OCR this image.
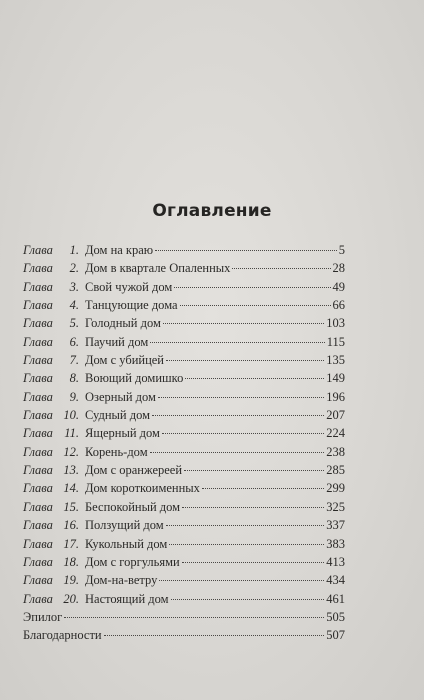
Оглавление
Глава	1. Дом на краю	5
Глава	2. Дом в квартале Опаленных	28
Глава	3. Свой чужой дом	49
Глава	4. Танцующие дома	66
Глава	5. Голодный дом	103
Глава	6. Паучий дом	115
Глава	7. Дом с убийцей	135
Глава	8. Воющий домишко	149
Глава	9. Озерный дом	196
Глава 10. Судный дом	207
Глава 11. Ящерный дом	224
Глава 12. Корень-дом	238
Глава 13. Дом с оранжереей	285
Глава 14. Дом короткоименных	299
Глава 15. Беспокойный дом	325
Глава 16. Ползущий дом	337
Глава 17. Кукольный дом	383
Глава 18. Дом с горгульями	413
Глава 19. Дом-на-ветру	434
Глава 20. Настоящий дом	461
Эпилог	505
Благодарности	507
